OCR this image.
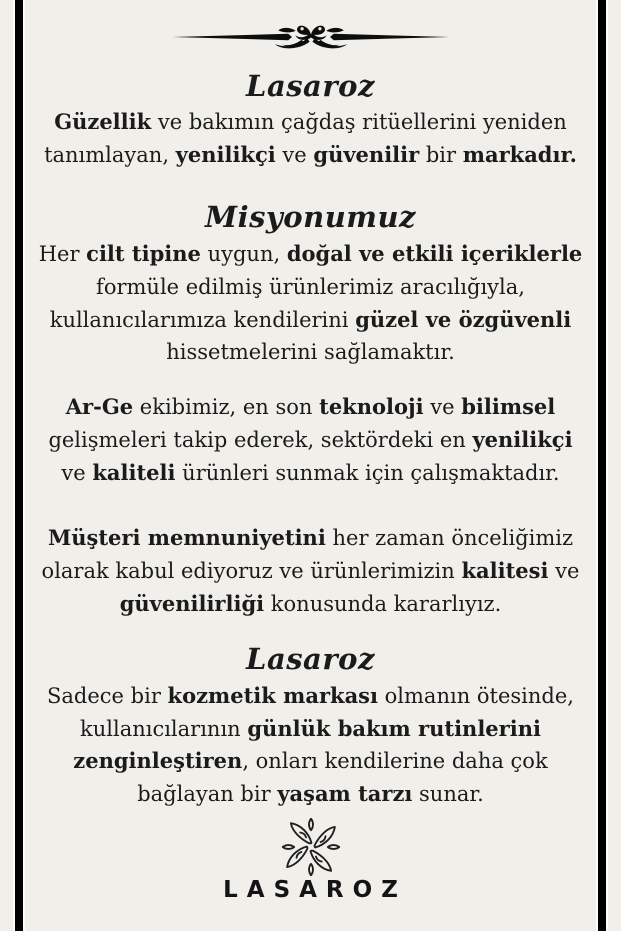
Lasaroz

Güzellik ve bakımın çağdaş ritüellerini yeniden tanımlayan, yenilikçi ve güvenilir bir markadır.

Misyonumuz

Her cilt tipine uygun, doğal ve etkili içeriklerle formüle edilmiş ürünlerimiz aracılığıyla, kullanıcılarımıza kendilerini güzel ve özgüvenli hissetmelerini sağlamaktır.

Ar-Ge ekibimiz, en son teknoloji ve bilimsel gelişmeleri takip ederek, sektördeki en yenilikçi ve kaliteli ürünleri sunmak için çalışmaktadır.

Müşteri memnuniyetini her zaman önceliğimiz olarak kabul ediyoruz ve ürünlerimizin kalitesi ve güvenilirliği konusunda kararlıyız.

Lasaroz

Sadece bir kozmetik markası olmanın ötesinde, kullanıcılarının günlük bakım rutinlerini zenginleştiren, onları kendilerine daha çok bağlayan bir yaşam tarzı sunar.

LASAROZ
